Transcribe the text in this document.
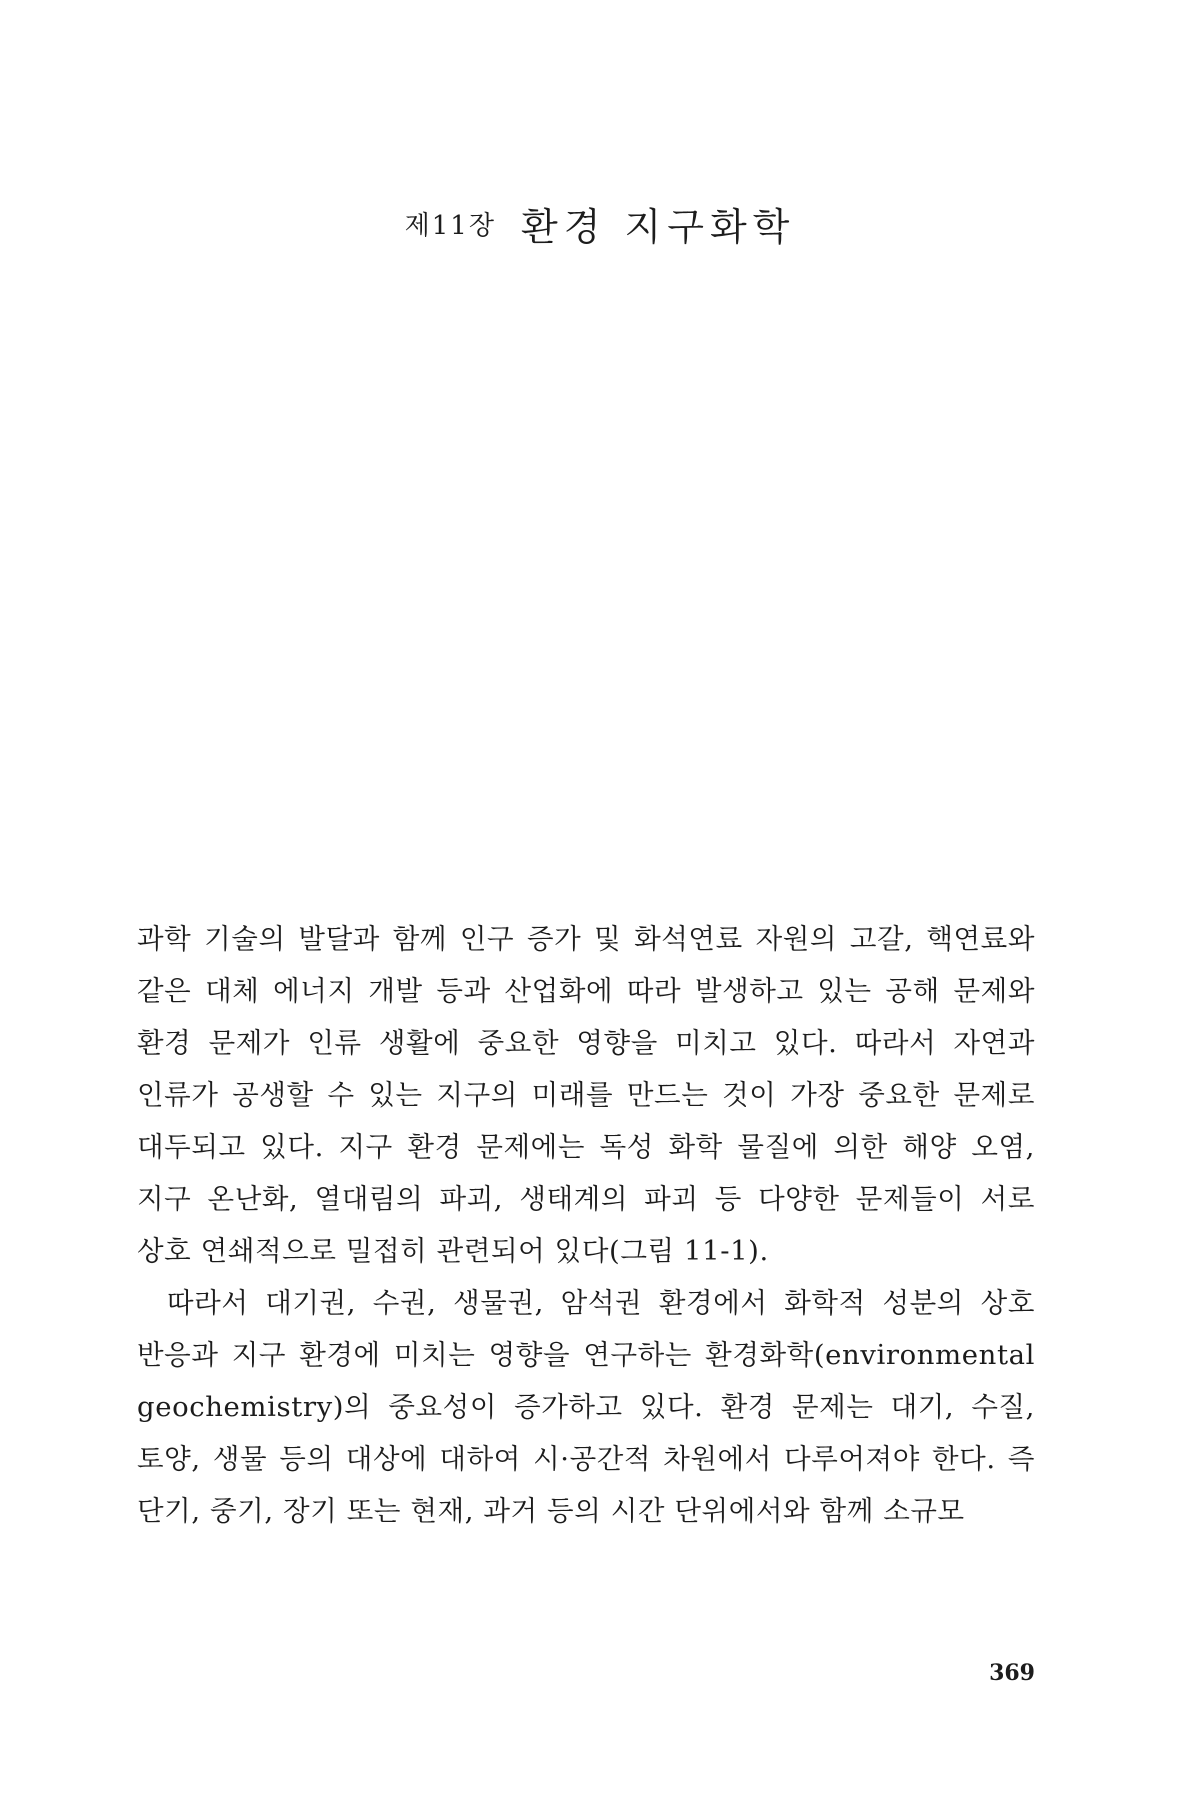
제11장 환경 지구화학

과학 기술의 발달과 함께 인구 증가 및 화석연료 자원의 고갈, 핵연료와 같은 대체 에너지 개발 등과 산업화에 따라 발생하고 있는 공해 문제와 환경 문제가 인류 생활에 중요한 영향을 미치고 있다. 따라서 자연과 인류가 공생할 수 있는 지구의 미래를 만드는 것이 가장 중요한 문제로 대두되고 있다. 지구 환경 문제에는 독성 화학 물질에 의한 해양 오염, 지구 온난화, 열대림의 파괴, 생태계의 파괴 등 다양한 문제들이 서로 상호 연쇄적으로 밀접히 관련되어 있다(그림 11-1).

따라서 대기권, 수권, 생물권, 암석권 환경에서 화학적 성분의 상호 반응과 지구 환경에 미치는 영향을 연구하는 환경화학(environmental geochemistry)의 중요성이 증가하고 있다. 환경 문제는 대기, 수질, 토양, 생물 등의 대상에 대하여 시·공간적 차원에서 다루어져야 한다. 즉 단기, 중기, 장기 또는 현재, 과거 등의 시간 단위에서와 함께 소규모

369
